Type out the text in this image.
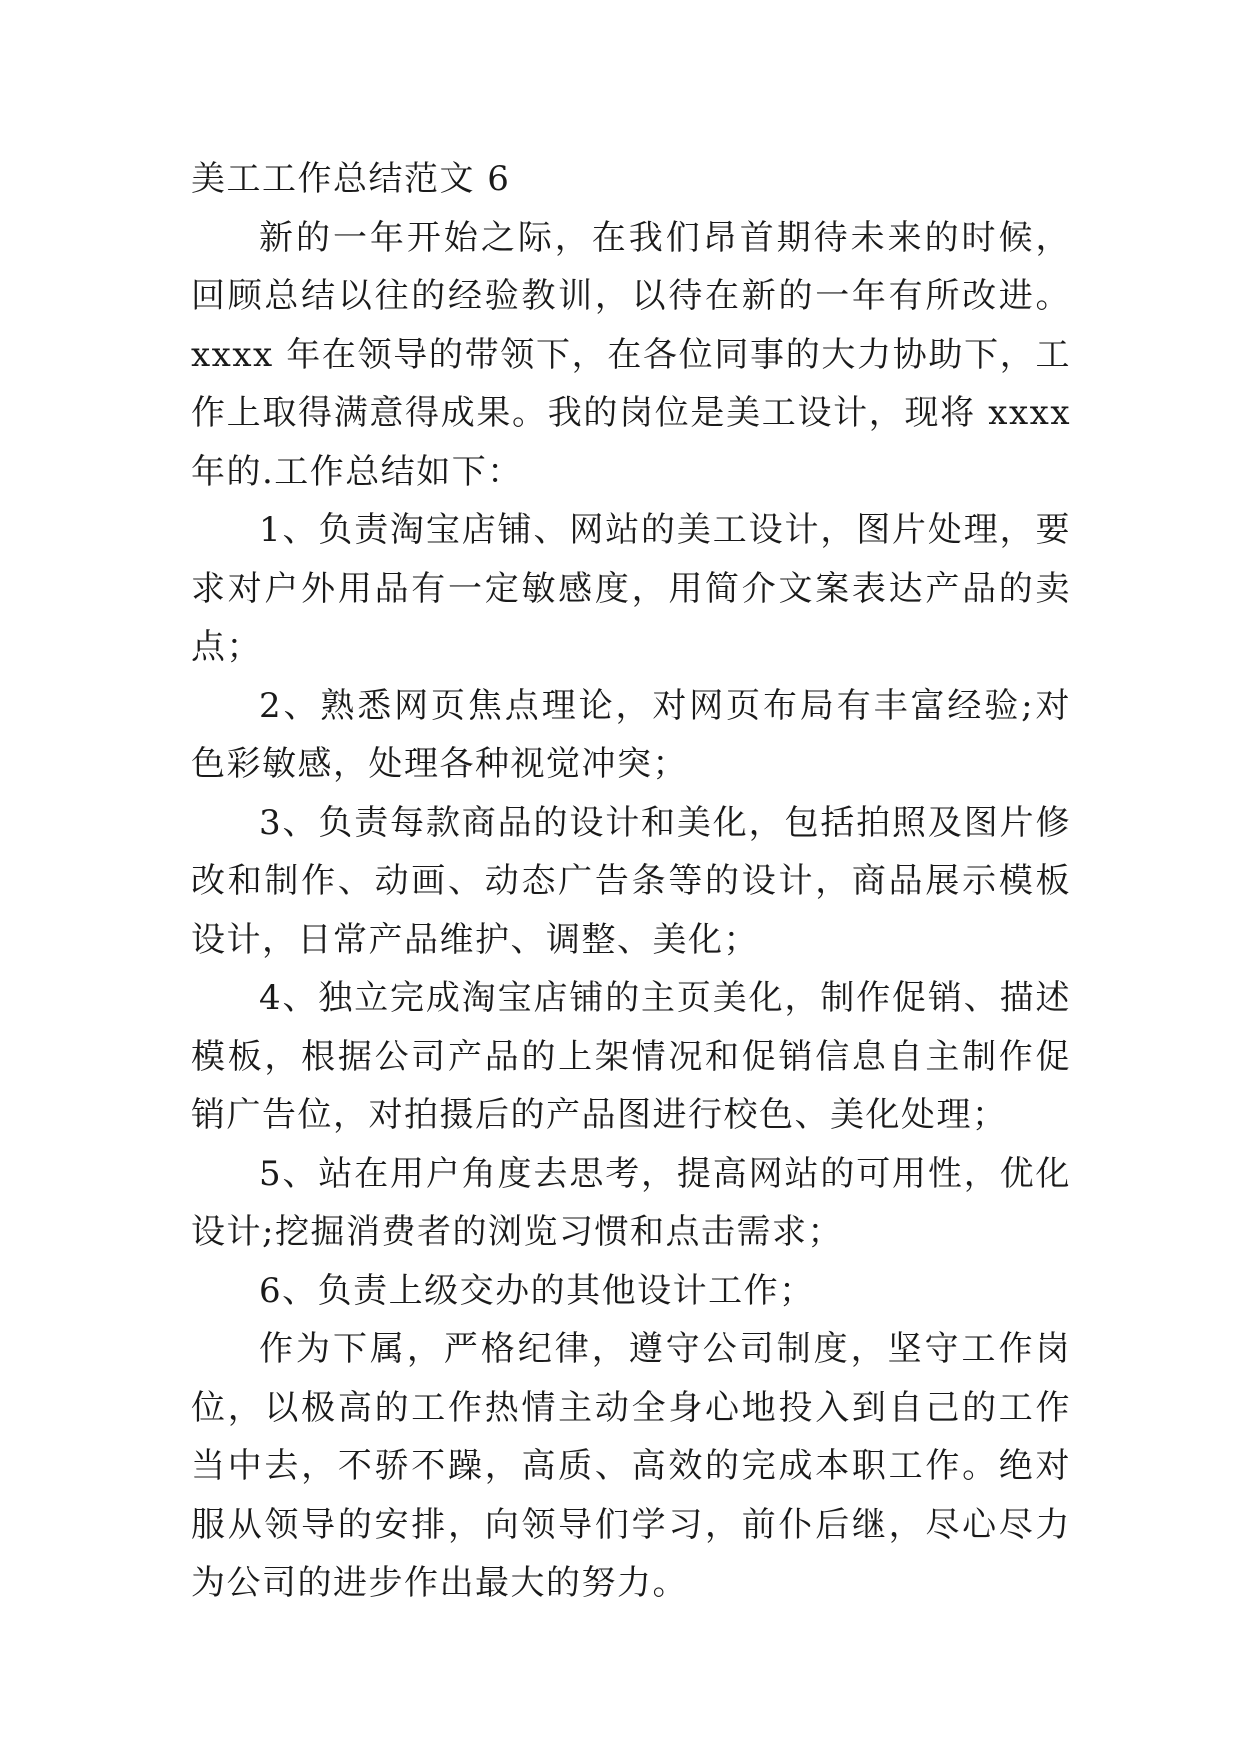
美工工作总结范文 6

新的一年开始之际，在我们昂首期待未来的时候，回顾总结以往的经验教训，以待在新的一年有所改进。 xxxx 年在领导的带领下，在各位同事的大力协助下，工作上取得满意得成果。我的岗位是美工设计，现将 xxxx 年的.工作总结如下：

1、负责淘宝店铺、网站的美工设计，图片处理，要求对户外用品有一定敏感度，用简介文案表达产品的卖点；

2、熟悉网页焦点理论，对网页布局有丰富经验;对色彩敏感，处理各种视觉冲突；

3、负责每款商品的设计和美化，包括拍照及图片修改和制作、动画、动态广告条等的设计，商品展示模板设计，日常产品维护、调整、美化；

4、独立完成淘宝店铺的主页美化，制作促销、描述模板，根据公司产品的上架情况和促销信息自主制作促销广告位，对拍摄后的产品图进行校色、美化处理；

5、站在用户角度去思考，提高网站的可用性，优化设计;挖掘消费者的浏览习惯和点击需求；

6、负责上级交办的其他设计工作；

作为下属，严格纪律，遵守公司制度，坚守工作岗位，以极高的工作热情主动全身心地投入到自己的工作当中去，不骄不躁，高质、高效的完成本职工作。绝对服从领导的安排，向领导们学习，前仆后继，尽心尽力为公司的进步作出最大的努力。
